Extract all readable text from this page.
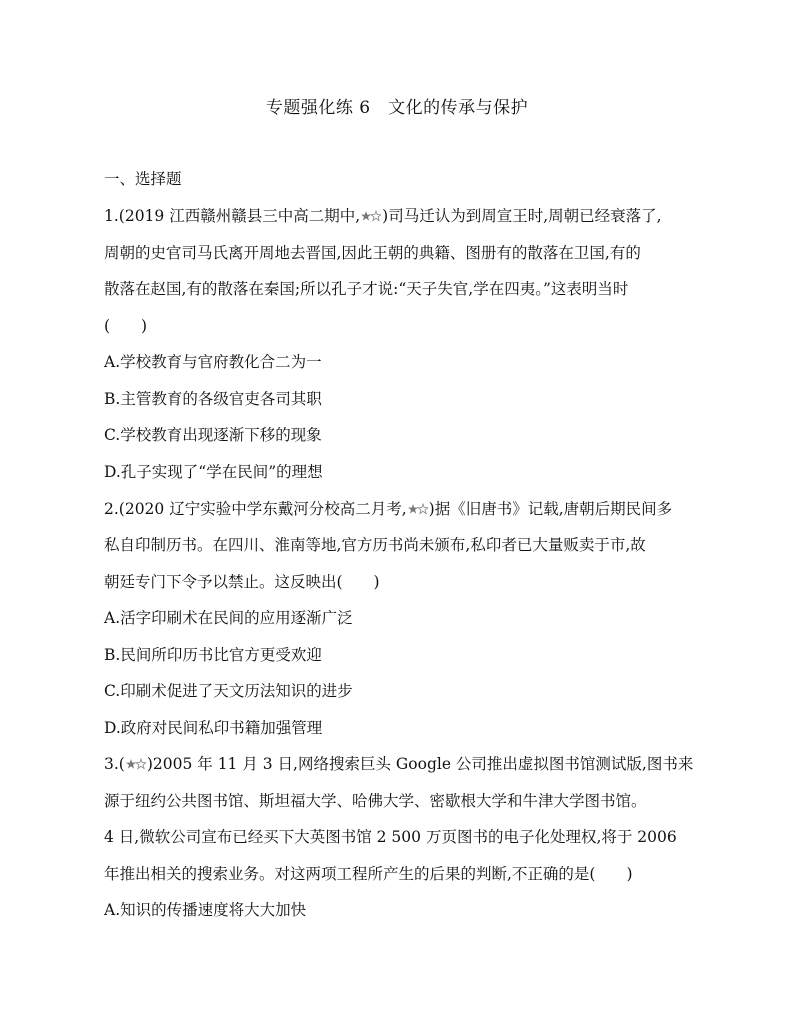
专题强化练 6　文化的传承与保护
一、选择题
1.(2019 江西赣州赣县三中高二期中, )司马迁认为到周宣王时,周朝已经衰落了,
周朝的史官司马氏离开周地去晋国,因此王朝的典籍、图册有的散落在卫国,有的
散落在赵国,有的散落在秦国;所以孔子才说:“天子失官,学在四夷。”这表明当时
(　　)
A.学校教育与官府教化合二为一
B.主管教育的各级官吏各司其职
C.学校教育出现逐渐下移的现象
D.孔子实现了“学在民间”的理想
2.(2020 辽宁实验中学东戴河分校高二月考, )据《旧唐书》记载,唐朝后期民间多
私自印制历书。在四川、淮南等地,官方历书尚未颁布,私印者已大量贩卖于市,故
朝廷专门下令予以禁止。这反映出(　　)
A.活字印刷术在民间的应用逐渐广泛
B.民间所印历书比官方更受欢迎
C.印刷术促进了天文历法知识的进步
D.政府对民间私印书籍加强管理
3.( )2005 年 11 月 3 日,网络搜索巨头 Google 公司推出虚拟图书馆测试版,图书来
源于纽约公共图书馆、斯坦福大学、哈佛大学、密歇根大学和牛津大学图书馆。
4 日,微软公司宣布已经买下大英图书馆 2 500 万页图书的电子化处理权,将于 2006
年推出相关的搜索业务。对这两项工程所产生的后果的判断,不正确的是(　　)
A.知识的传播速度将大大加快
